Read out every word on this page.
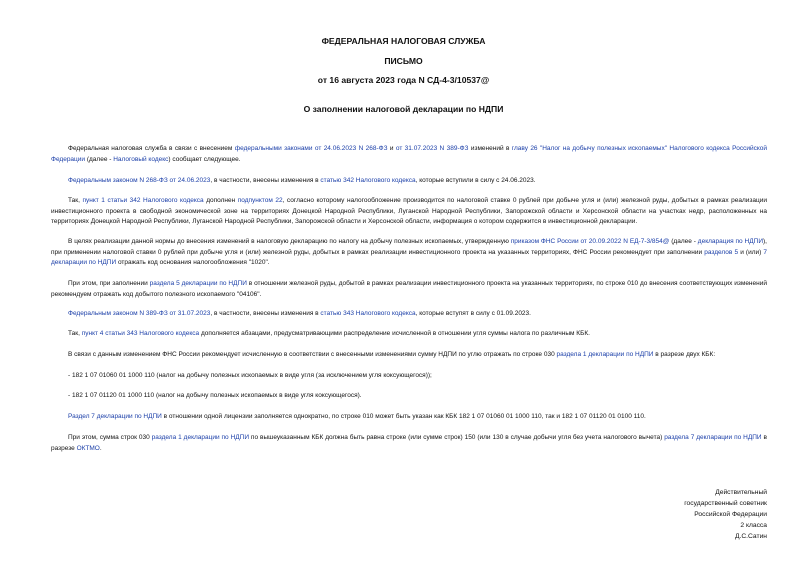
ФЕДЕРАЛЬНАЯ НАЛОГОВАЯ СЛУЖБА
ПИСЬМО
от 16 августа 2023 года N СД-4-3/10537@
О заполнении налоговой декларации по НДПИ
Федеральная налоговая служба в связи с внесением федеральными законами от 24.06.2023 N 268-ФЗ и от 31.07.2023 N 389-ФЗ изменений в главу 26 "Налог на добычу полезных ископаемых" Налогового кодекса Российской Федерации (далее - Налоговый кодекс) сообщает следующее.
Федеральным законом N 268-ФЗ от 24.06.2023, в частности, внесены изменения в статью 342 Налогового кодекса, которые вступили в силу с 24.06.2023.
Так, пункт 1 статьи 342 Налогового кодекса дополнен подпунктом 22, согласно которому налогообложение производится по налоговой ставке 0 рублей при добыче угля и (или) железной руды, добытых в рамках реализации инвестиционного проекта в свободной экономической зоне на территориях Донецкой Народной Республики, Луганской Народной Республики, Запорожской области и Херсонской области на участках недр, расположенных на территориях Донецкой Народной Республики, Луганской Народной Республики, Запорожской области и Херсонской области, информация о котором содержится в инвестиционной декларации.
В целях реализации данной нормы до внесения изменений в налоговую декларацию по налогу на добычу полезных ископаемых, утвержденную приказом ФНС России от 20.09.2022 N ЕД-7-3/854@ (далее - декларация по НДПИ), при применении налоговой ставки 0 рублей при добыче угля и (или) железной руды, добытых в рамках реализации инвестиционного проекта на указанных территориях, ФНС России рекомендует при заполнении разделов 5 и (или) 7 декларации по НДПИ отражать код основания налогообложения "1020".
При этом, при заполнении раздела 5 декларации по НДПИ в отношении железной руды, добытой в рамках реализации инвестиционного проекта на указанных территориях, по строке 010 до внесения соответствующих изменений рекомендуем отражать код добытого полезного ископаемого "04106".
Федеральным законом N 389-ФЗ от 31.07.2023, в частности, внесены изменения в статью 343 Налогового кодекса, которые вступят в силу с 01.09.2023.
Так, пункт 4 статьи 343 Налогового кодекса дополняется абзацами, предусматривающими распределение исчисленной в отношении угля суммы налога по различным КБК.
В связи с данным изменением ФНС России рекомендует исчисленную в соответствии с внесенными изменениями сумму НДПИ по углю отражать по строке 030 раздела 1 декларации по НДПИ в разрезе двух КБК:
- 182 1 07 01060 01 1000 110 (налог на добычу полезных ископаемых в виде угля (за исключением угля коксующегося));
- 182 1 07 01120 01 1000 110 (налог на добычу полезных ископаемых в виде угля коксующегося).
Раздел 7 декларации по НДПИ в отношении одной лицензии заполняется однократно, по строке 010 может быть указан как КБК 182 1 07 01060 01 1000 110, так и 182 1 07 01120 01 0100 110.
При этом, сумма строк 030 раздела 1 декларации по НДПИ по вышеуказанным КБК должна быть равна строке (или сумме строк) 150 (или 130 в случае добычи угля без учета налогового вычета) раздела 7 декларации по НДПИ в разрезе ОКТМО.
Действительный
государственный советник
Российской Федерации
2 класса
Д.С.Сатин
